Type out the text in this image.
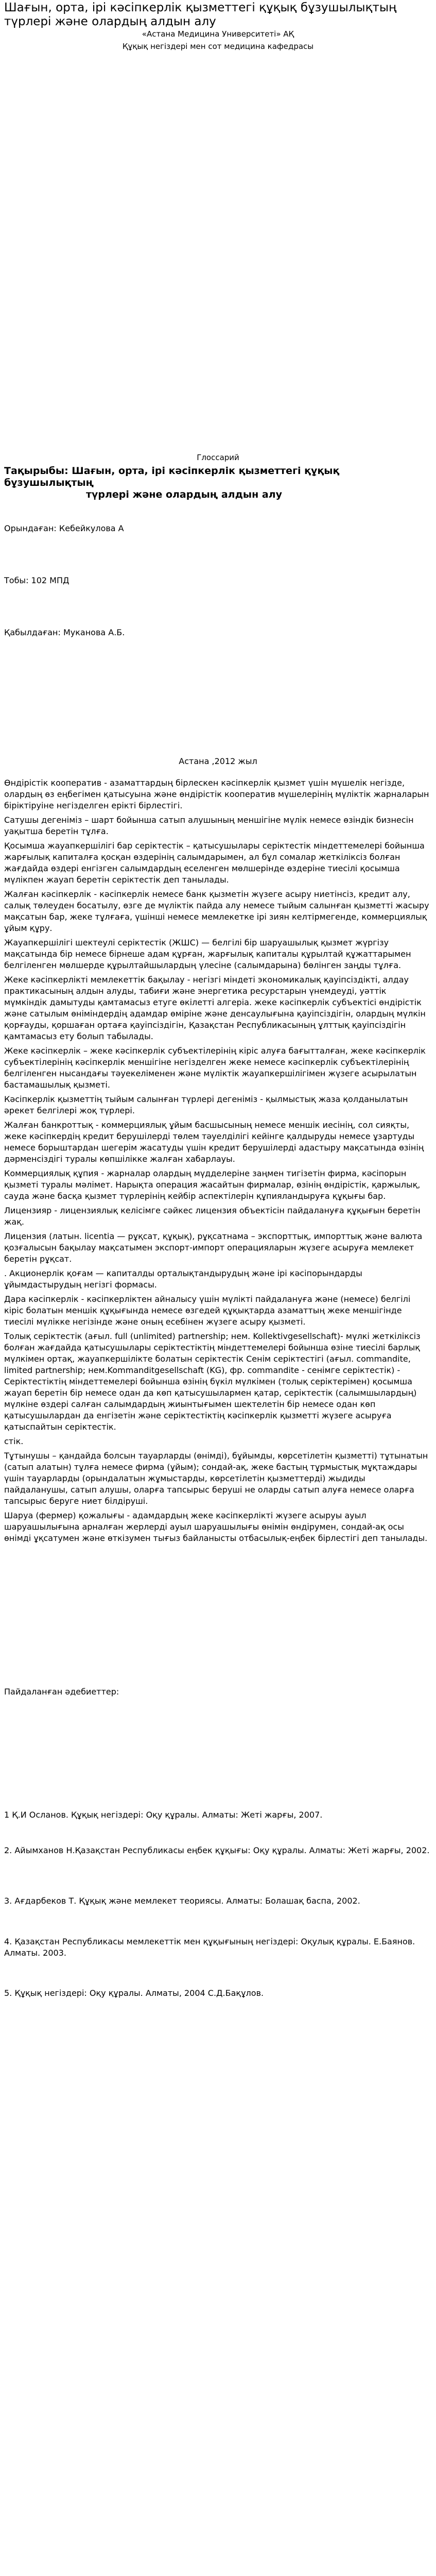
Шағын, орта, ірі кәсіпкерлік қызметтегі құқық бұзушылықтың түрлері және олардың алдын алу
«Астана Медицина Университеті» АҚ
Құқық негіздері мен сот медицина кафедрасы
Глоссарий
Тақырыбы: Шағын, орта, ірі кәсіпкерлік қызметтегі құқық бұзушылықтың
түрлері және олардың алдын алу
Орындаған: Кебейкулова А
Тобы: 102 МПД
Қабылдаған: Муканова А.Б.
Астана ,2012 жыл

Өндірістік кооператив - азаматтардың бірлескен кәсіпкерлік қызмет үшін мүшелік негізде, олардың өз еңбегімен қатысуына және өндірістік кооператив мүшелерінің мүліктік жарналарын біріктіруіне негізделген ерікті бірлестігі.

Сатушы дегеніміз – шарт бойынша сатып алушының меншігіне мүлік немесе өзіндік бизнесін уақытша беретін тұлға.

Қосымша жауапкершілігі бар серіктестік – қатысушылары серіктестік міндеттемелері бойынша жарғылық капиталға қосқан өздерінің салымдарымен, ал бұл сомалар жеткіліксіз болған жағдайда өздері енгізген салымдардың еселенген мөлшерінде өздеріне тиесілі қосымша мүлікпен жауап беретін серіктестік деп танылады.

Жалған кәсіпкерлік - кәсіпкерлік немесе банк қызметін жүзеге асыру ниетінсіз, кредит алу, салық төлеуден босатылу, өзге де мүліктік пайда алу немесе тыйым салынған қызметті жасыру мақсатын бар, жеке тұлғаға, үшінші немесе мемлекетке ірі зиян келтірмегенде, коммерциялық ұйым құру.

Жауапкершілігі шектеулі серіктестік (ЖШС) — белгілі бір шаруашылық қызмет жүргізу мақсатында бір немесе бірнеше адам құрған, жарғылық капиталы құрылтай құжаттарымен белгіленген мөлшерде құрылтайшылардың үлесіне (салымдарына) бөлінген заңды тұлға.

Жеке кәсіпкерлікті мемлекеттік бақылау - негізгі міндеті экономикалық қауіпсіздікті, алдау практикасының алдын алуды, табиғи және энергетика ресурстарын үнемдеуді, уәттік мүмкіндік дамытуды қамтамасыз етуге өкілетті алгеріа. жеке кәсіпкерлік субъектісі өндірістік және сатылым өніміндердің адамдар өміріне және денсаулығына қауіпсіздігін, олардың мүлкін қорғауды, қоршаған ортаға қауіпсіздігін, Қазақстан Республикасының ұлттық қауіпсіздігін қамтамасыз ету болып табылады.

Жеке кәсіпкерлік – жеке кәсіпкерлік субъектілерінің кіріс алуға бағытталған, жеке кәсіпкерлік субъектілерінің кәсіпкерлік меншігіне негізделген жеке немесе кәсіпкерлік субъектілерінің белгіленген нысандағы тәуекеліменен және мүліктік жауапкершілігімен жүзеге асырылатын бастамашылық қызметі.

Кәсіпкерлік қызметтің тыйым салынған түрлері дегеніміз - қылмыстық жаза қолданылатын әрекет белгілері жоқ түрлері.

Жалған банкроттық - коммерциялық ұйым басшысының немесе меншік иесінің, сол сияқты, жеке кәсіпкердің кредит берушілерді төлем тәуелділігі кейінге қалдыруды немесе ұзартуды немесе борыштардан шегерім жасатуды үшін кредит берушілерді адастыру мақсатында өзінің дәрменсіздігі туралы көпшілікке жалған хабарлауы.

Коммерциялық құпия - жарналар олардың мүдделеріне заңмен тигізетін фирма, кәсіпорын қызметі туралы мәлімет. Нарықта операция жасайтын фирмалар, өзінің өндірістік, қаржылық, сауда және басқа қызмет түрлерінің кейбір аспектілерін құпияландыруға құқығы бар.

Лицензияр - лицензиялық келісімге сәйкес лицензия объектісін пайдалануға құқығын беретін жақ.

Лицензия (латын. licentia — рұқсат, құқық), рұқсатнама – экспорттық, импорттық жәнe валюта қозғалысын бақылау мақсатымен экспорт-импорт операцияларын жүзеге асыруға мемлекет беретін рұқсат.

. Акционерлік қоғам — капиталды орталықтандырудың және ірі кәсіпорындарды ұйымдастырудың негізгі формасы.

Дара кәсіпкерлік - кәсіпкерліктен айналысу үшін мүлікті пайдалануға және (немесе) белгілі кіріс болатын меншік құқығында немесе өзгедей құқықтарда азаматтың жеке меншігінде тиесілі мүлікке негізінде және оның есебінен жүзеге асыру қызметі.

Толық серіктестік (ағыл. full (unlimited) partnership; нем. Kollektivgesellschaft)- мүлкі жеткіліксіз болған жағдайда қатысушылары серіктестіктің міндеттемелері бойынша өзіне тиесілі барлық мүлкімен ортақ, жауапкершілікте болатын серіктестік Сенім серіктестігі (ағыл. commandite, limited partnership; нем.Kommanditgesellschaft (KG), фр. commandite - сенімге серіктестік) - Серіктестіктің міндеттемелері бойынша өзінің бүкіл мүлкімен (толық серіктерімен) қосымша жауап беретін бір немесе одан да көп қатысушылармен қатар, серіктестік (салымшылардың) мүлкіне өздері салған салымдардың жиынтығымен шектелетін бір немесе одан көп қатысушылардан да енгізетін және серіктестіктің кәсіпкерлік қызметті жүзеге асыруға қатыспайтын серіктестік.

стік.

Тұтынушы – қандайда болсын тауарларды (өнімді), бұйымды, көрсетілетін қызметті) тұтынатын (сатып алатын) тұлға немесе фирма (ұйым); сондай-ақ, жеке бастың тұрмыстық мұқтаждары үшін тауарларды (орындалатын жұмыстарды, көрсетілетін қызметтерді) жыдиды пайдаланушы, сатып алушы, оларға тапсырыс беруші не оларды сатып алуға немесе оларға тапсырыс беруге ниет білдіруші.

Шаруа (фермер) қожалығы - адамдардың жеке кәсіпкерлікті жүзеге асыруы ауыл шаруашылығына арналған жерлерді ауыл шаруашылығы өнімін өндірумен, сондай-ақ осы өнімді ұқсатумен және өткізумен тығыз байланысты отбасылық-еңбек бірлестігі деп танылады.

Пайдаланған әдебиеттер:
1 Қ.И Осланов. Құқық негіздері: Оқу құралы. Алматы: Жеті жарғы, 2007.
2. Айымханов Н.Қазақстан Республикасы еңбек құқығы: Оқу құралы. Алматы: Жеті жарғы, 2002.
3. Ағдарбеков Т. Құқық және мемлекет теориясы. Алматы: Болашақ баспа, 2002.
4. Қазақстан Республикасы мемлекеттік мен құқығының негіздері: Оқулық құралы. Е.Баянов. Алматы. 2003.
5. Құқық негіздері: Оқу құралы. Алматы, 2004 С.Д.Бақұлов.
